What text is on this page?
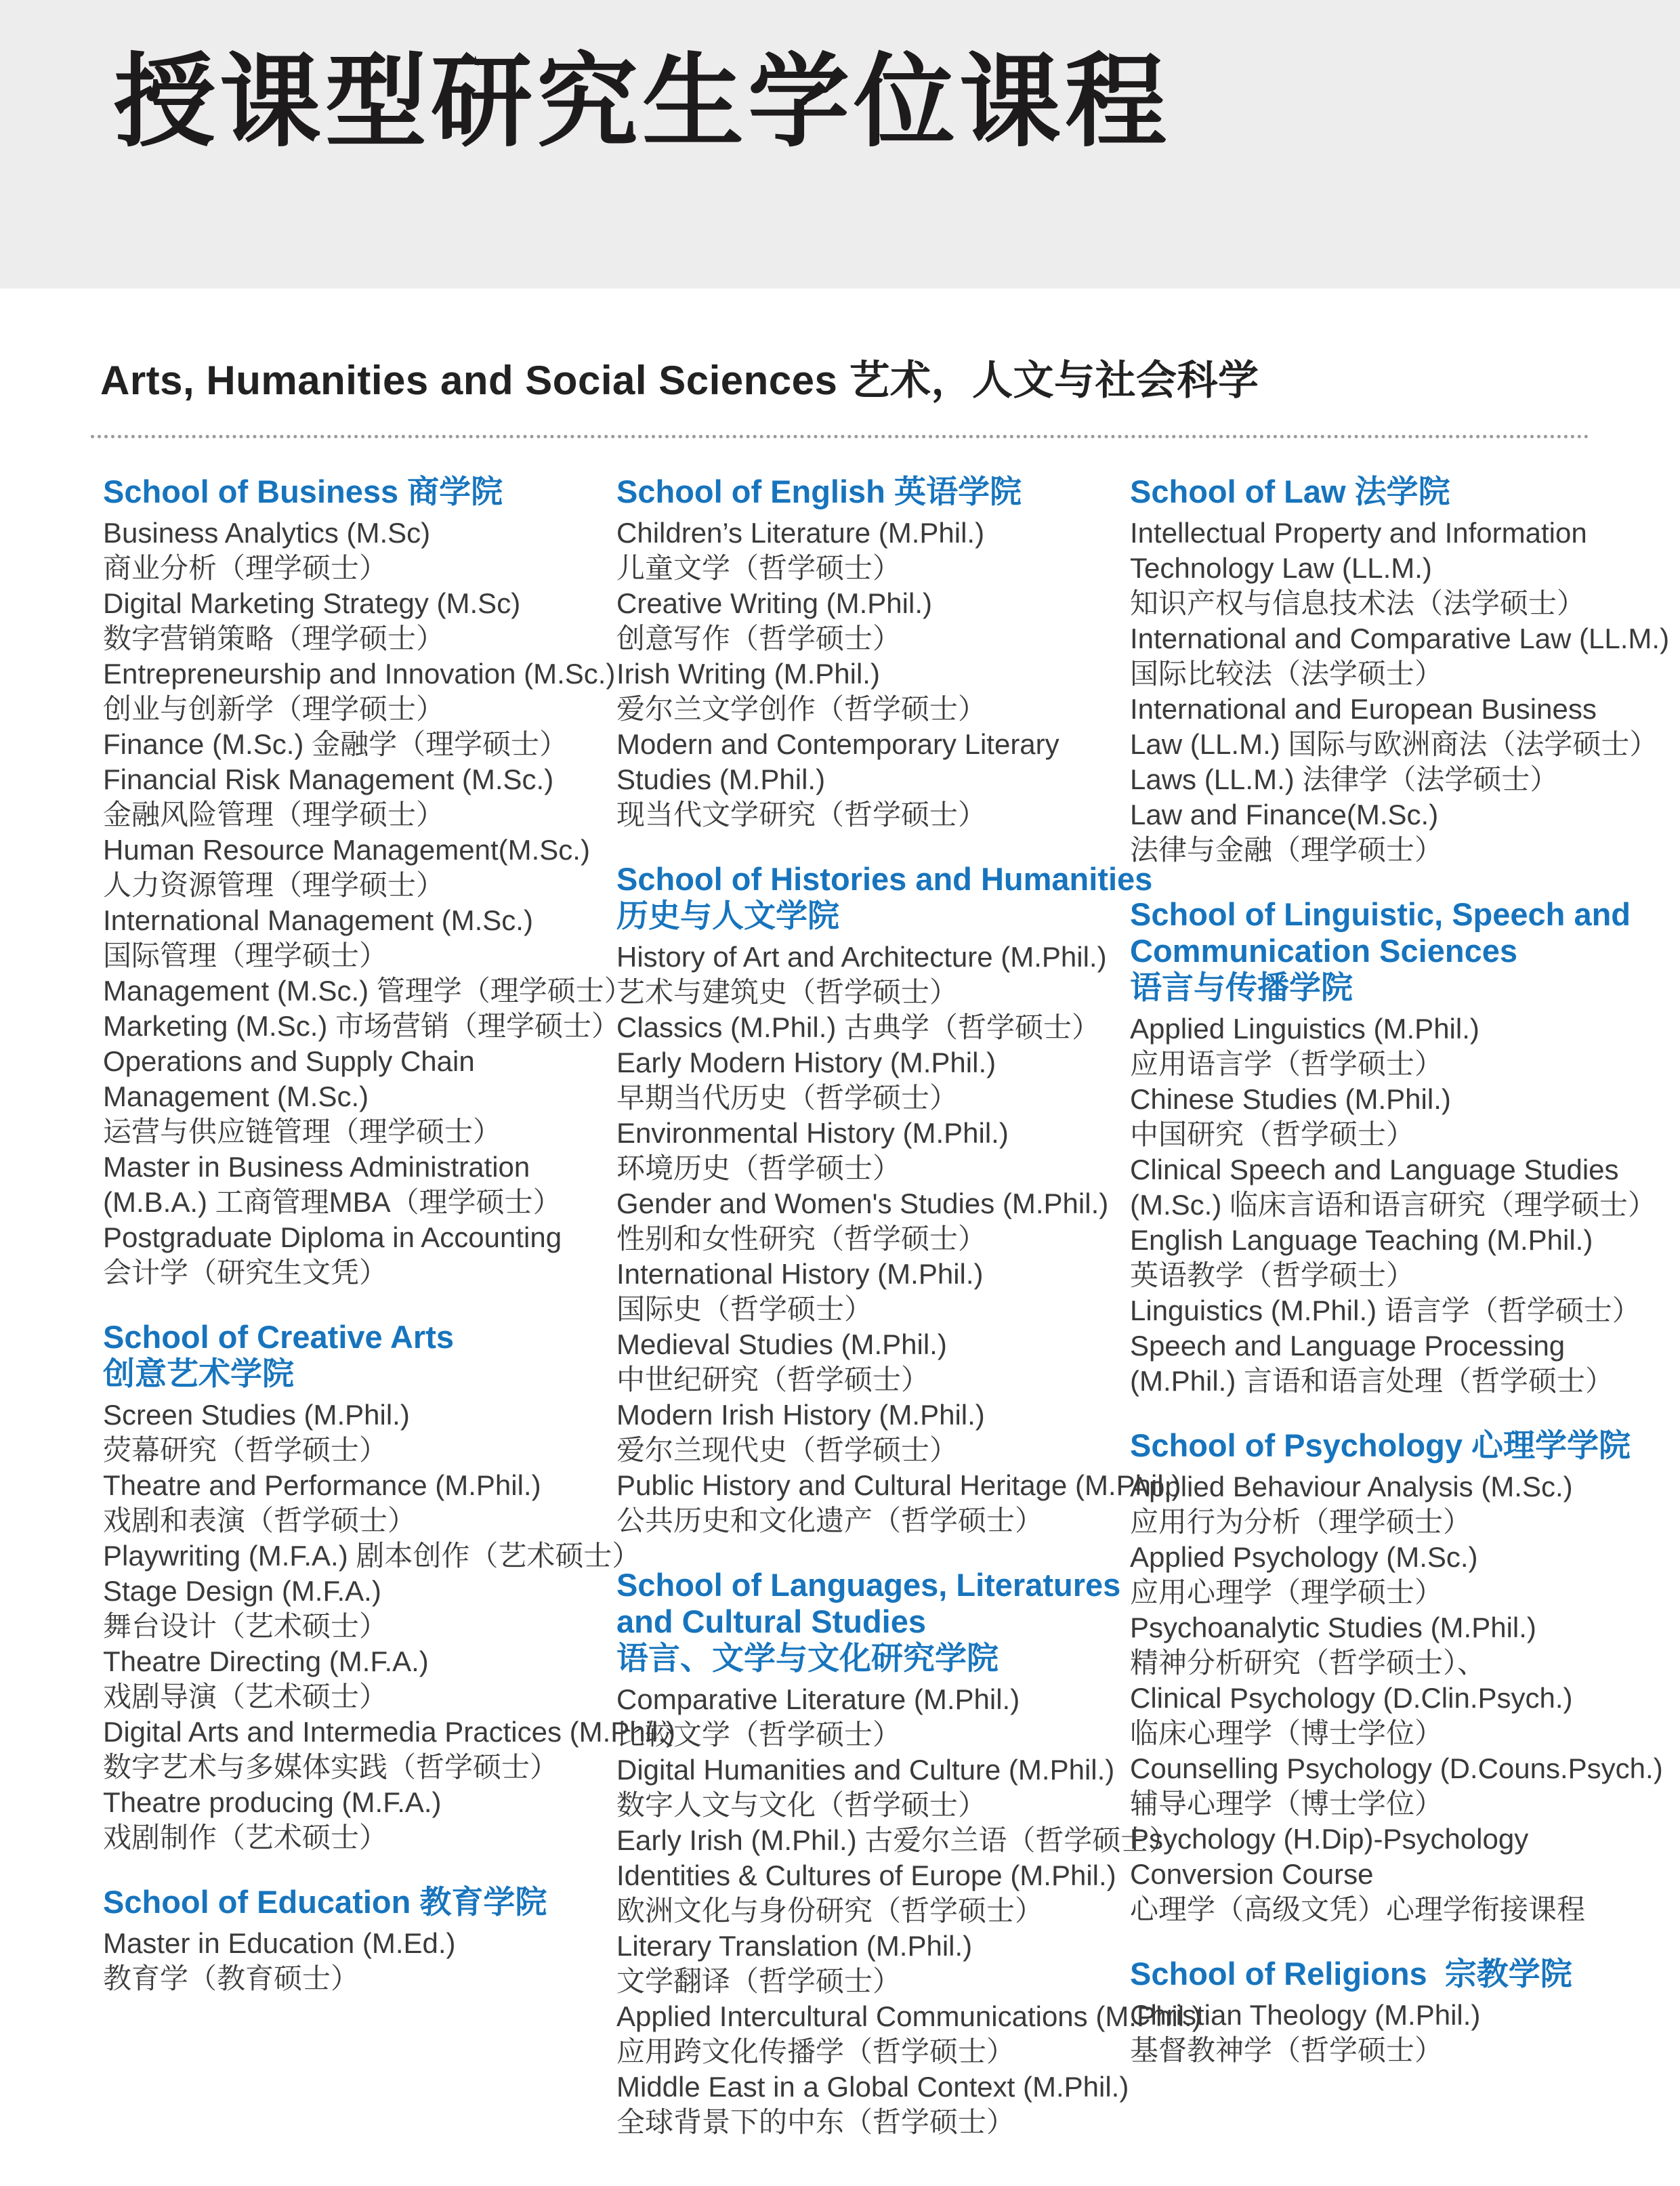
授课型研究生学位课程
Arts, Humanities and Social Sciences 艺术，人文与社会科学
School of Business 商学院
Business Analytics (M.Sc)
商业分析（理学硕士）
Digital Marketing Strategy (M.Sc)
数字营销策略（理学硕士）
Entrepreneurship and Innovation (M.Sc.)
创业与创新学（理学硕士）
Finance (M.Sc.) 金融学（理学硕士）
Financial Risk Management (M.Sc.)
金融风险管理（理学硕士）
Human Resource Management(M.Sc.)
人力资源管理（理学硕士）
International Management (M.Sc.)
国际管理（理学硕士）
Management (M.Sc.) 管理学（理学硕士）
Marketing (M.Sc.) 市场营销（理学硕士）
Operations and Supply Chain
Management (M.Sc.)
运营与供应链管理（理学硕士）
Master in Business Administration
(M.B.A.) 工商管理MBA（理学硕士）
Postgraduate Diploma in Accounting
会计学（研究生文凭）
School of Creative Arts
创意艺术学院
Screen Studies (M.Phil.)
荧幕研究（哲学硕士）
Theatre and Performance (M.Phil.)
戏剧和表演（哲学硕士）
Playwriting (M.F.A.) 剧本创作（艺术硕士）
Stage Design (M.F.A.)
舞台设计（艺术硕士）
Theatre Directing (M.F.A.)
戏剧导演（艺术硕士）
Digital Arts and Intermedia Practices (M.Phil.)
数字艺术与多媒体实践（哲学硕士）
Theatre producing (M.F.A.)
戏剧制作（艺术硕士）
School of Education 教育学院
Master in Education (M.Ed.)
教育学（教育硕士）
School of English 英语学院
Children’s Literature (M.Phil.)
儿童文学（哲学硕士）
Creative Writing (M.Phil.)
创意写作（哲学硕士）
Irish Writing (M.Phil.)
爱尔兰文学创作（哲学硕士）
Modern and Contemporary Literary
Studies (M.Phil.)
现当代文学研究（哲学硕士）
School of Histories and Humanities
历史与人文学院
History of Art and Architecture (M.Phil.)
艺术与建筑史（哲学硕士）
Classics (M.Phil.) 古典学（哲学硕士）
Early Modern History (M.Phil.)
早期当代历史（哲学硕士）
Environmental History (M.Phil.)
环境历史（哲学硕士）
Gender and Women's Studies (M.Phil.)
性别和女性研究（哲学硕士）
International History (M.Phil.)
国际史（哲学硕士）
Medieval Studies (M.Phil.)
中世纪研究（哲学硕士）
Modern Irish History (M.Phil.)
爱尔兰现代史（哲学硕士）
Public History and Cultural Heritage (M.Phil.)
公共历史和文化遗产（哲学硕士）
School of Languages, Literatures
and Cultural Studies
语言、文学与文化研究学院
Comparative Literature (M.Phil.)
比较文学（哲学硕士）
Digital Humanities and Culture (M.Phil.)
数字人文与文化（哲学硕士）
Early Irish (M.Phil.) 古爱尔兰语（哲学硕士）
Identities & Cultures of Europe (M.Phil.)
欧洲文化与身份研究（哲学硕士）
Literary Translation (M.Phil.)
文学翻译（哲学硕士）
Applied Intercultural Communications (M.Phil.)
应用跨文化传播学（哲学硕士）
Middle East in a Global Context (M.Phil.)
全球背景下的中东（哲学硕士）
School of Law 法学院
Intellectual Property and Information
Technology Law (LL.M.)
知识产权与信息技术法（法学硕士）
International and Comparative Law (LL.M.)
国际比较法（法学硕士）
International and European Business
Law (LL.M.) 国际与欧洲商法（法学硕士）
Laws (LL.M.) 法律学（法学硕士）
Law and Finance(M.Sc.)
法律与金融（理学硕士）
School of Linguistic, Speech and
Communication Sciences
语言与传播学院
Applied Linguistics (M.Phil.)
应用语言学（哲学硕士）
Chinese Studies (M.Phil.)
中国研究（哲学硕士）
Clinical Speech and Language Studies
(M.Sc.) 临床言语和语言研究（理学硕士）
English Language Teaching (M.Phil.)
英语教学（哲学硕士）
Linguistics (M.Phil.) 语言学（哲学硕士）
Speech and Language Processing
(M.Phil.) 言语和语言处理（哲学硕士）
School of Psychology 心理学学院
Applied Behaviour Analysis (M.Sc.)
应用行为分析（理学硕士）
Applied Psychology (M.Sc.)
应用心理学（理学硕士）
Psychoanalytic Studies (M.Phil.)
精神分析研究（哲学硕士）、
Clinical Psychology (D.Clin.Psych.)
临床心理学（博士学位）
Counselling Psychology (D.Couns.Psych.)
辅导心理学（博士学位）
Psychology (H.Dip)-Psychology
Conversion Course
心理学（高级文凭）心理学衔接课程
School of Religions  宗教学院
Christian Theology (M.Phil.)
基督教神学（哲学硕士）
